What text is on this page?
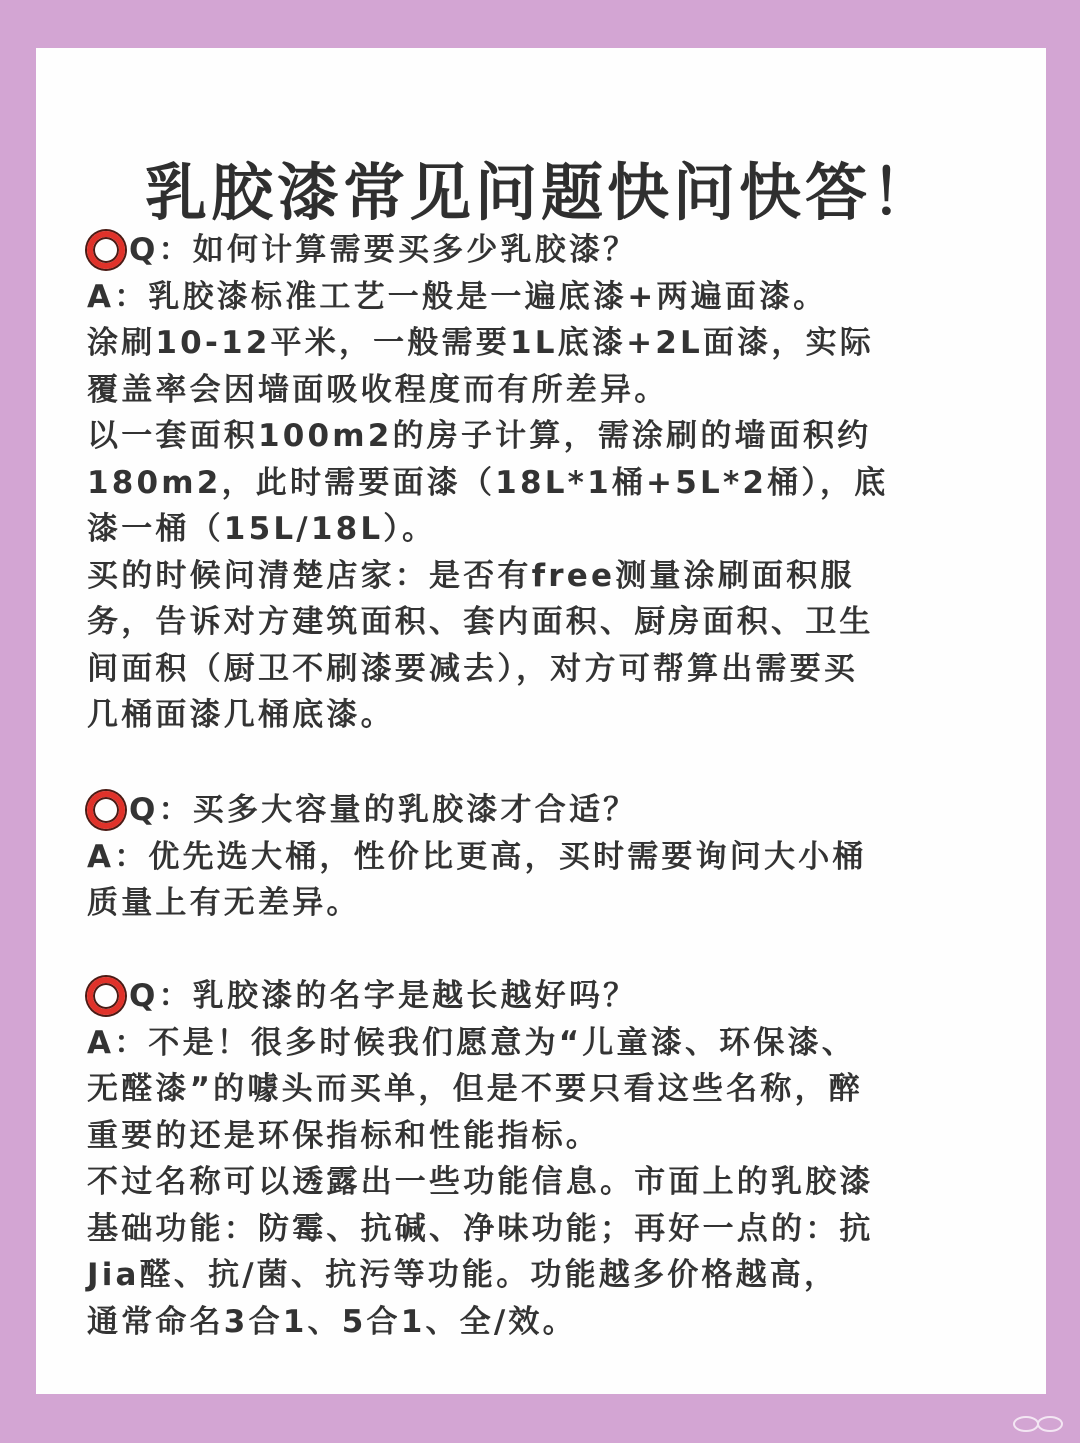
乳胶漆常见问题快问快答！
Q：如何计算需要买多少乳胶漆？
A：乳胶漆标准工艺一般是一遍底漆+两遍面漆。
涂刷10-12平米，一般需要1L底漆+2L面漆，实际
覆盖率会因墙面吸收程度而有所差异。
以一套面积100m2的房子计算，需涂刷的墙面积约
180m2，此时需要面漆（18L*1桶+5L*2桶），底
漆一桶（15L/18L）。
买的时候问清楚店家：是否有free测量涂刷面积服
务，告诉对方建筑面积、套内面积、厨房面积、卫生
间面积（厨卫不刷漆要减去），对方可帮算出需要买
几桶面漆几桶底漆。
Q：买多大容量的乳胶漆才合适？
A：优先选大桶，性价比更高，买时需要询问大小桶
质量上有无差异。
Q：乳胶漆的名字是越长越好吗？
A：不是！很多时候我们愿意为“儿童漆、环保漆、
无醛漆”的噱头而买单，但是不要只看这些名称，醉
重要的还是环保指标和性能指标。
不过名称可以透露出一些功能信息。市面上的乳胶漆
基础功能：防霉、抗碱、净味功能；再好一点的：抗
Jia醛、抗/菌、抗污等功能。功能越多价格越高，
通常命名3合1、5合1、全/效。
